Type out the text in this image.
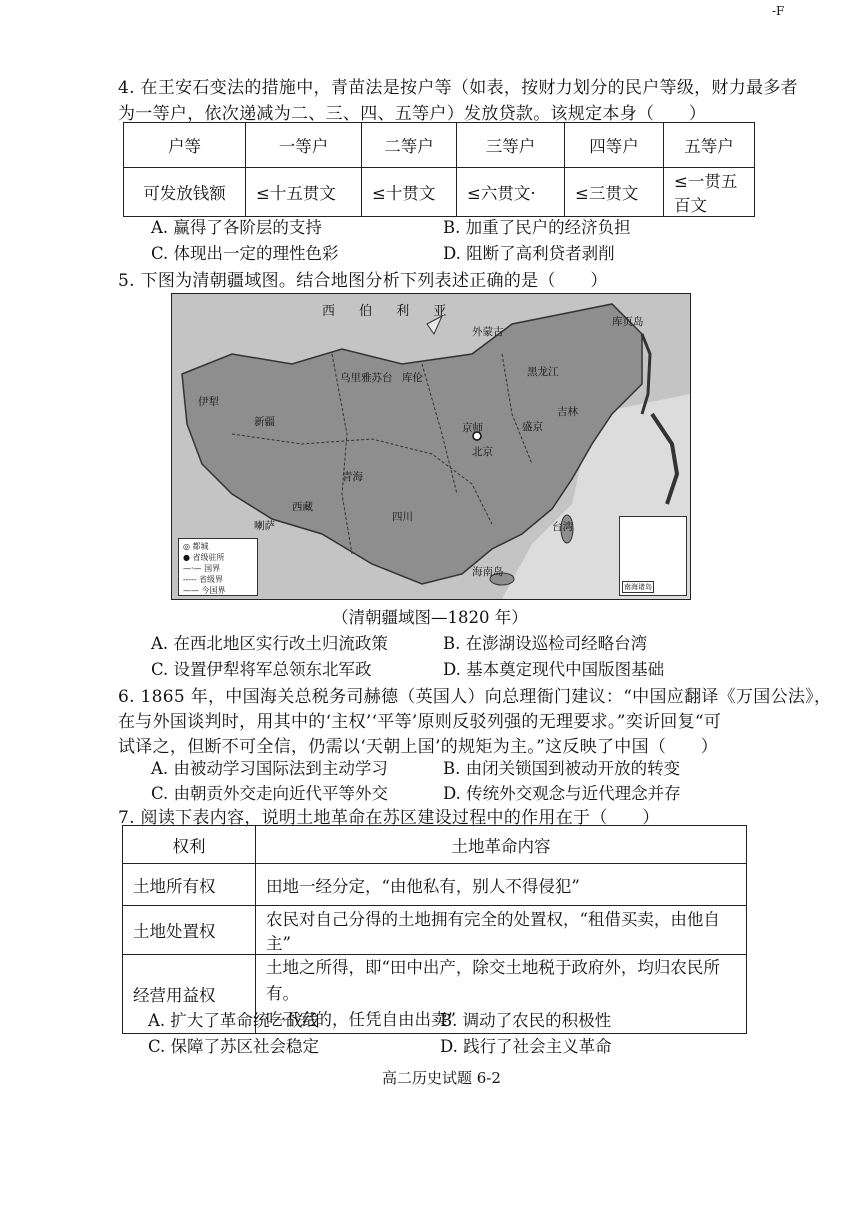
-F
4. 在王安石变法的措施中，青苗法是按户等（如表，按财力划分的民户等级，财力最多者
为一等户，依次递减为二、三、四、五等户）发放贷款。该规定本身（　　）
户等	一等户	二等户	三等户	四等户	五等户
可发放钱额	≤十五贯文	≤十贯文	≤六贯文·	≤三贯文	≤一贯五百文
A. 赢得了各阶层的支持	B. 加重了民户的经济负担
C. 体现出一定的理性色彩	D. 阻断了高利贷者剥削
5. 下图为清朝疆域图。结合地图分析下列表述正确的是（　　）
西 伯 利 亚
伊犁
新疆
乌里雅苏台 库伦
京师
北京
西藏
喇萨
青海
四川
黑龙江
吉林
盛京
台湾
海南岛
外蒙古
库页岛
◎ 都城
● 省级驻所
—·— 国界
----- 省级界
—— 今国界	南海诸岛
（清朝疆域图—1820 年）
A. 在西北地区实行改土归流政策	B. 在澎湖设巡检司经略台湾
C. 设置伊犁将军总领东北军政	D. 基本奠定现代中国版图基础
6. 1865 年，中国海关总税务司赫德（英国人）向总理衙门建议：“中国应翻译《万国公法》，
在与外国谈判时，用其中的‘主权’‘平等’原则反驳列强的无理要求。”奕䜣回复“可
试译之，但断不可全信，仍需以‘天朝上国’的规矩为主。”这反映了中国（　　）
A. 由被动学习国际法到主动学习	B. 由闭关锁国到被动开放的转变
C. 由朝贡外交走向近代平等外交	D. 传统外交观念与近代理念并存
7. 阅读下表内容，说明土地革命在苏区建设过程中的作用在于（　　）
权利	土地革命内容
土地所有权	田地一经分定，“由他私有，别人不得侵犯”
土地处置权	农民对自己分得的土地拥有完全的处置权，“租借买卖，由他自主”
经营用益权	土地之所得，即“田中出产，除交土地税于政府外，均归农民所有。
吃不完的，任凭自由出卖”
A. 扩大了革命统一战线	B. 调动了农民的积极性
C. 保障了苏区社会稳定	D. 践行了社会主义革命
高二历史试题 6-2
